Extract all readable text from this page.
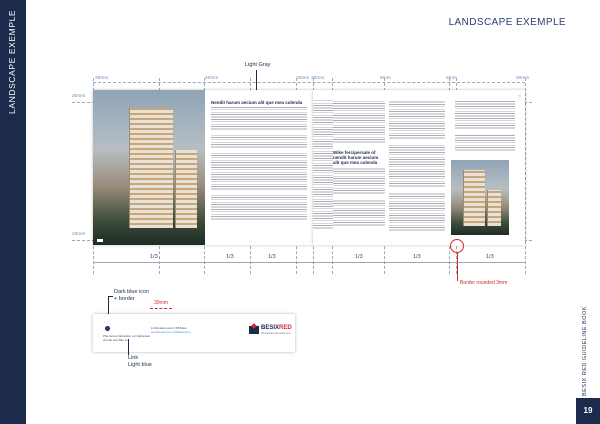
LANDSCAPE EXEMPLE	LANDSCAPE EXEMPLE
Light Gray
20mm	20mm	20mm 20mm	8mm	8mm	20mm
20mm
20mm
Nendit harum aecium alit que mea culenda
Wike fercipersale of nendit harum aecium alit que mea culenda
▭
Border rounded 3mm
1/3	1/3	1/3	1/3	1/3	1/3
Dark blue icon
+ border
30mm
Pfle foco of laboratun et il laboratun
Al Indo lest Sfie xx
Li Monatos usos 74/57dios
wwwbesixred.com/lista/en/me
BESIXRED
Real Estate Development
Link
Light blue	BESIX RED GUIDELINE BOOK
19
